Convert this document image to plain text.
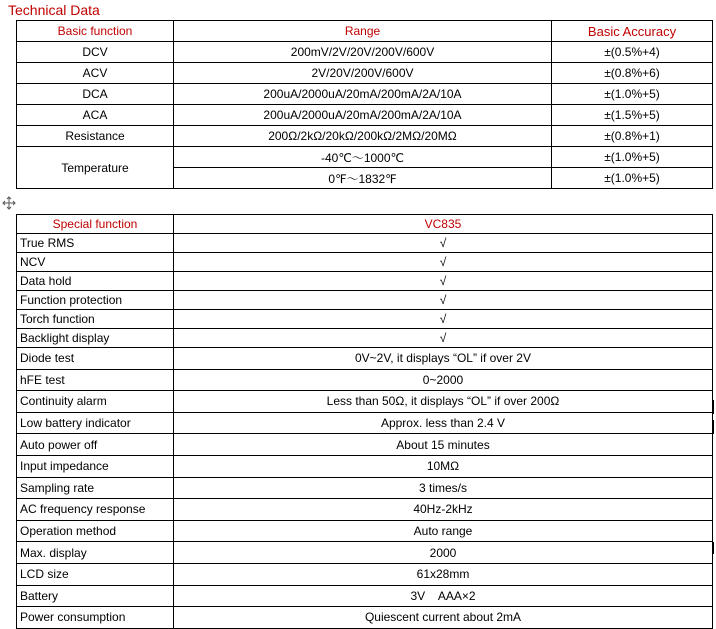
Technical Data
Basic function	Range	Basic Accuracy
DCV	200mV/2V/20V/200V/600V	±(0.5%+4)
ACV	2V/20V/200V/600V	±(0.8%+6)
DCA	200uA/2000uA/20mA/200mA/2A/10A	±(1.0%+5)
ACA	200uA/2000uA/20mA/200mA/2A/10A	±(1.5%+5)
Resistance	200Ω/2kΩ/20kΩ/200kΩ/2MΩ/20MΩ	±(0.8%+1)
Temperature	-40℃～1000℃	±(1.0%+5)
	0℉～1832℉	±(1.0%+5)
Special function	VC835
True RMS	√
NCV	√
Data hold	√
Function protection	√
Torch function	√
Backlight display	√
Diode test	0V~2V, it displays “OL” if over 2V
hFE test	0~2000
Continuity alarm	Less than 50Ω, it displays “OL” if over 200Ω
Low battery indicator	Approx. less than 2.4 V
Auto power off	About 15 minutes
Input impedance	10MΩ
Sampling rate	3 times/s
AC frequency response	40Hz-2kHz
Operation method	Auto range
Max. display	2000
LCD size	61x28mm
Battery	3V    AAA×2
Power consumption	Quiescent current about 2mA
